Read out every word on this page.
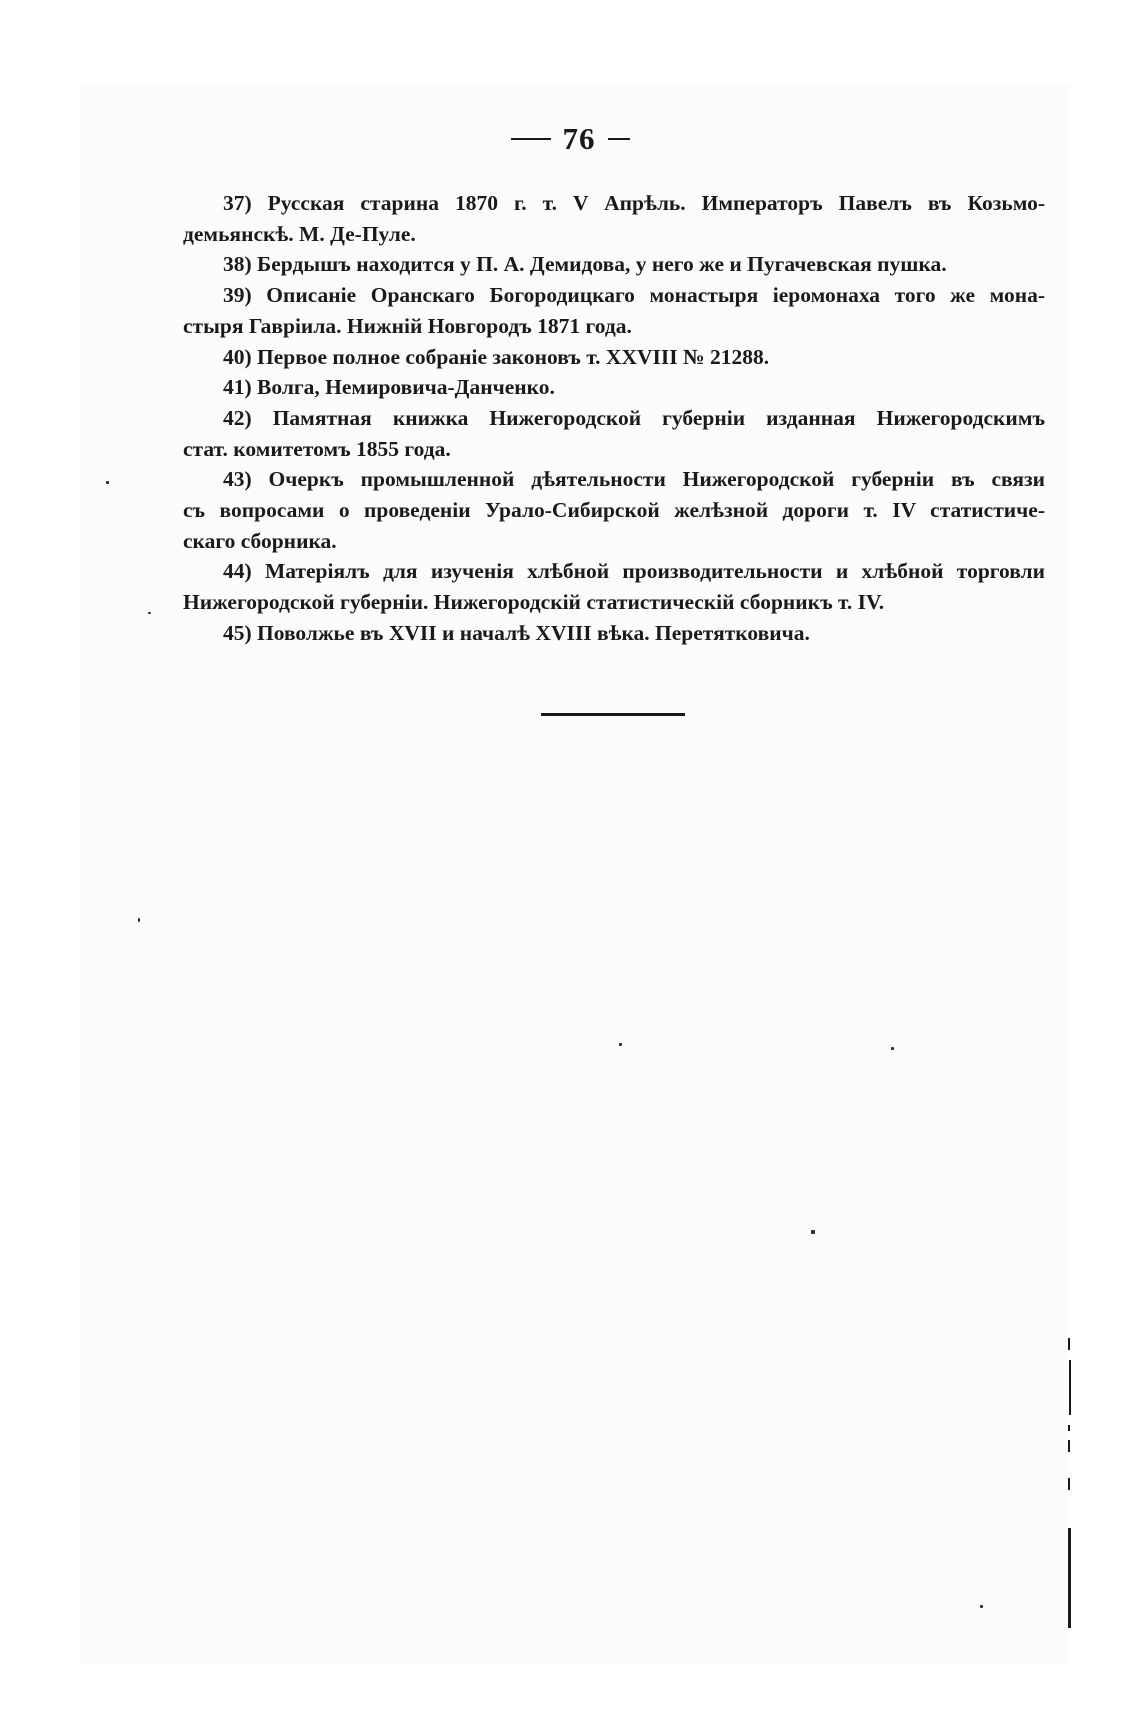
76

37) Русская старина 1870 г. т. V Апрѣль. Императоръ Павелъ въ Козьмо-
демьянскѣ. М. Де-Пуле.

38) Бердышъ находится у П. А. Демидова, у него же и Пугачевская пушка.

39) Описаніе Оранскаго Богородицкаго монастыря іеромонаха того же мона-
стыря Гавріила. Нижній Новгородъ 1871 года.

40) Первое полное собраніе законовъ т. XXVIII № 21288.

41) Волга, Немировича-Данченко.

42) Памятная книжка Нижегородской губерніи изданная Нижегородскимъ
стат. комитетомъ 1855 года.

43) Очеркъ промышленной дѣятельности Нижегородской губерніи въ связи
съ вопросами о проведеніи Урало-Сибирской желѣзной дороги т. IV статистиче-
скаго сборника.

44) Матеріялъ для изученія хлѣбной производительности и хлѣбной торговли
Нижегородской губерніи. Нижегородскій статистическій сборникъ т. IV.

45) Поволжье въ XVII и началѣ XVIII вѣка. Перетятковича.
